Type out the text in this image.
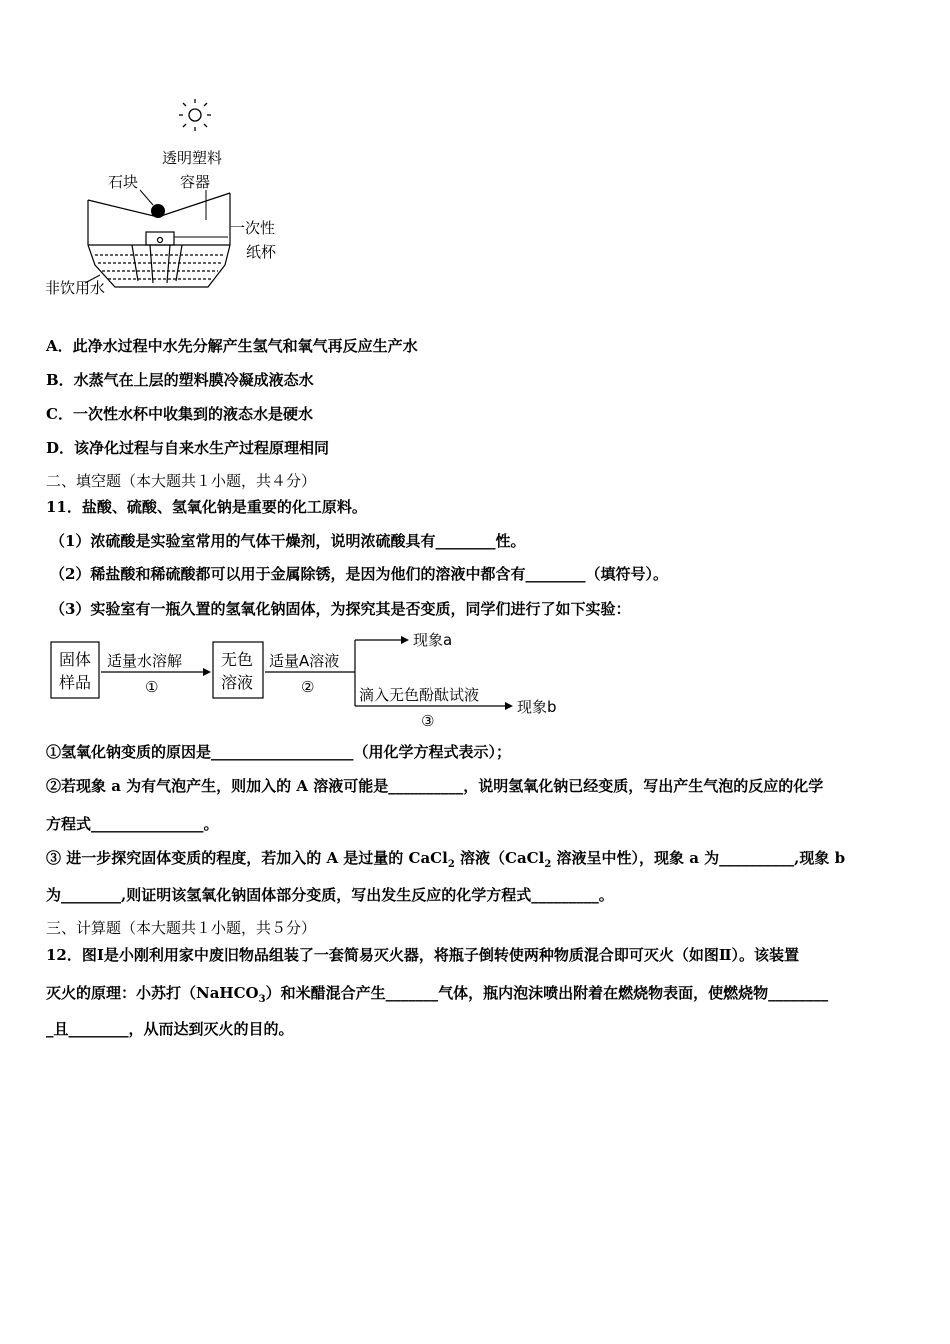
透明塑料
容器
石块
一次性
纸杯
非饮用水
A．此净水过程中水先分解产生氢气和氧气再反应生产水
B．水蒸气在上层的塑料膜冷凝成液态水
C．一次性水杯中收集到的液态水是硬水
D．该净化过程与自来水生产过程原理相同
二、填空题（本大题共１小题，共４分）
11．盐酸、硫酸、氢氧化钠是重要的化工原料。
（1）浓硫酸是实验室常用的气体干燥剂，说明浓硫酸具有________性。
（2）稀盐酸和稀硫酸都可以用于金属除锈，是因为他们的溶液中都含有________（填符号）。
（3）实验室有一瓶久置的氢氧化钠固体，为探究其是否变质，同学们进行了如下实验：
固体
样品
适量水溶解
①
无色
溶液
适量A溶液
②
现象a
滴入无色酚酞试液
③
现象b
①氢氧化钠变质的原因是___________________（用化学方程式表示）；
②若现象 a 为有气泡产生，则加入的 A 溶液可能是__________，说明氢氧化钠已经变质，写出产生气泡的反应的化学
方程式_______________。
③ 进一步探究固体变质的程度，若加入的 A 是过量的 CaCl$_2$ 溶液（CaCl$_2$ 溶液呈中性），现象 a 为__________,现象 b
为________,则证明该氢氧化钠固体部分变质，写出发生反应的化学方程式_________。
三、计算题（本大题共１小题，共５分）
12．图Ⅰ是小刚利用家中废旧物品组装了一套简易灭火器，将瓶子倒转使两种物质混合即可灭火（如图Ⅱ）。该装置
灭火的原理：小苏打（NaHCO$_3$）和米醋混合产生_______气体，瓶内泡沫喷出附着在燃烧物表面，使燃烧物________
_且________，从而达到灭火的目的。
